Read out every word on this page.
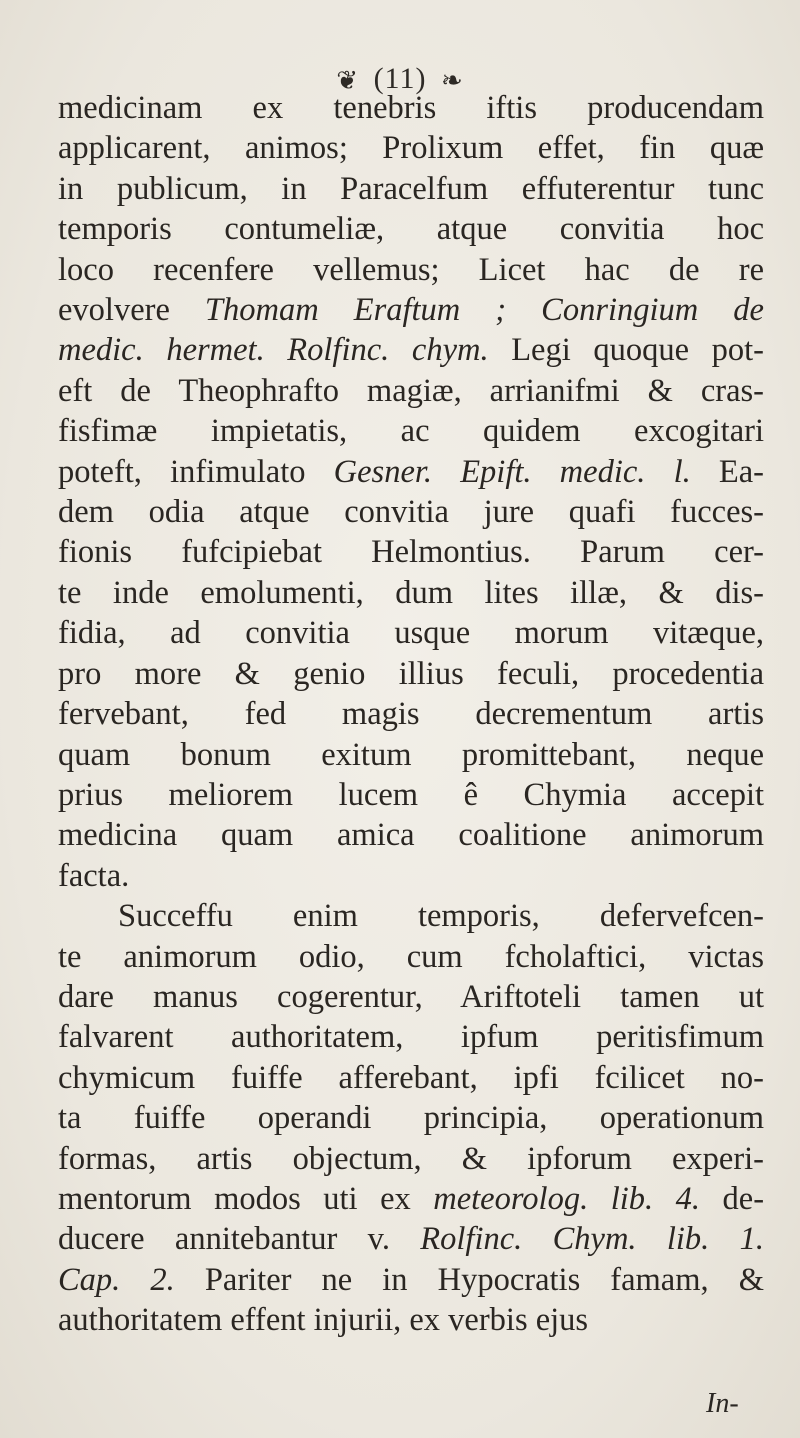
❦ (11) ❧
medicinam ex tenebris iftis producendam
applicarent, animos; Prolixum effet, fin quæ
in publicum, in Paracelfum effuterentur tunc
temporis contumeliæ, atque convitia hoc
loco recenfere vellemus; Licet hac de re
evolvere Thomam Eraftum ; Conringium de
medic. hermet. Rolfinc. chym. Legi quoque pot-
eft de Theophrafto magiæ, arrianifmi & cras-
fisfimæ impietatis, ac quidem excogitari
poteft, infimulato Gesner. Epift. medic. l. Ea-
dem odia atque convitia jure quafi fucces-
fionis fufcipiebat Helmontius. Parum cer-
te inde emolumenti, dum lites illæ, & dis-
fidia, ad convitia usque morum vitæque,
pro more & genio illius feculi, procedentia
fervebant, fed magis decrementum artis
quam bonum exitum promittebant, neque
prius meliorem lucem ê Chymia accepit
medicina quam amica coalitione animorum
facta.
Succeffu enim temporis, defervefcen-
te animorum odio, cum fcholaftici, victas
dare manus cogerentur, Ariftoteli tamen ut
falvarent authoritatem, ipfum peritisfimum
chymicum fuiffe afferebant, ipfi fcilicet no-
ta fuiffe operandi principia, operationum
formas, artis objectum, & ipforum experi-
mentorum modos uti ex meteorolog. lib. 4. de-
ducere annitebantur v. Rolfinc. Chym. lib. 1.
Cap. 2. Pariter ne in Hypocratis famam, &
authoritatem effent injurii, ex verbis ejus
In-
